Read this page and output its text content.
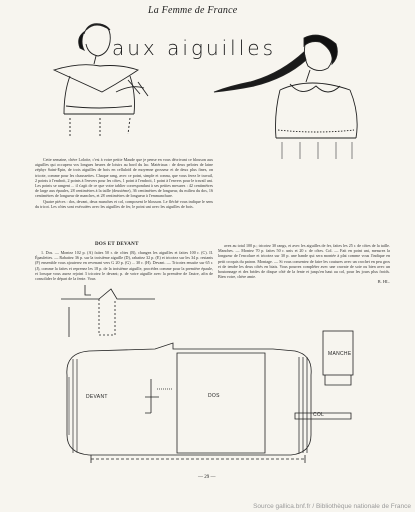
La Femme de France
aux aiguilles

Cette semaine, chère Lolotte, c'est à votre petite Maude que je pense en vous décrivant ce blouson aux aiguilles qui occupera vos longues heures de loisirs au bord du lac. Matériaux : de deux pelotes de laine zéphyr Saint-Epin, de trois aiguilles de bois en celluloïd de moyenne grosseur et de deux plus fines, on tricote, comme pour les chaussettes. Chaque rang, avec ce point, simple et connu, que vous ferez le travail, 2 points à l'endroit, 2 points à l'envers pour les côtes, 1 point à l'endroit, 1 point à l'envers pour le travail uni. Les points se rangent ... il s'agit de ce que votre tablier correspondant à ses petites mesures : 42 centimètres de large aux épaules, 28 centimètres à la taille (deuxième), 36 centimètres de longueur, du milieu du dos, 16 centimètres de longueur de manches, et 28 centimètres de longueur à l'emmanchure.

Quatre pièces : dos, devant, deux manches et col, composent le blouson. Le fléché vous indique le sens du tricot. Les côtes sont exécutées avec les aiguilles de fer, le point uni avec les aiguilles de bois.

DOS ET DEVANT

1. Dos. — Montez 102 p. (A) faites 50 r. de côtes (B), changez les aiguilles et faites 100 r. (C). II. Épaulettes. — Rabattez 36 p. sur la troisième aiguille (D), rabattez 32 p. (E) et tricotez sur les 34 p. restants (F) ensemble vous ajouterez en revenant vers G 20 p. (G) ... 30 r. (H). Devant. — Tricotez ensuite sur 65 r. (J), comme la faites et reprenez les 18 p. de la troisième aiguille, procédez comme pour la première épaule, et lorsque vous aurez rejoint 3 tricotez le devant; p. de votre aiguille avec la première de l'autre, afin de consolider le départ de la fente. Vous

avez au total 100 p.; tricotez 30 rangs, et avec les aiguilles de fer, faites les 25 r. de côtes de la taille. Manches. — Montez 70 p. faites 50 r. unis et 20 r. de côtes. Col. — Fait en point uni, mesurez la longueur de l'encolure et tricotez sur 30 p. une bande qui sera montée à plat comme vous l'indique en petit croquis du patron. Montage. — Si vous consentez de faire les coutures avec un crochet en peu gros et de tendre les deux côtés en biais. Vous pourrez compléter avec une cravate de soie ou bien avec un boutonnage et des brides de disque côté de la fente et jusqu'en haut au col, pour les jours plus froids. Bien votre, chère amie.

B. HL.
DEVANT	DOS
MANCHE
COL
— 29 —
Source gallica.bnf.fr / Bibliothèque nationale de France
